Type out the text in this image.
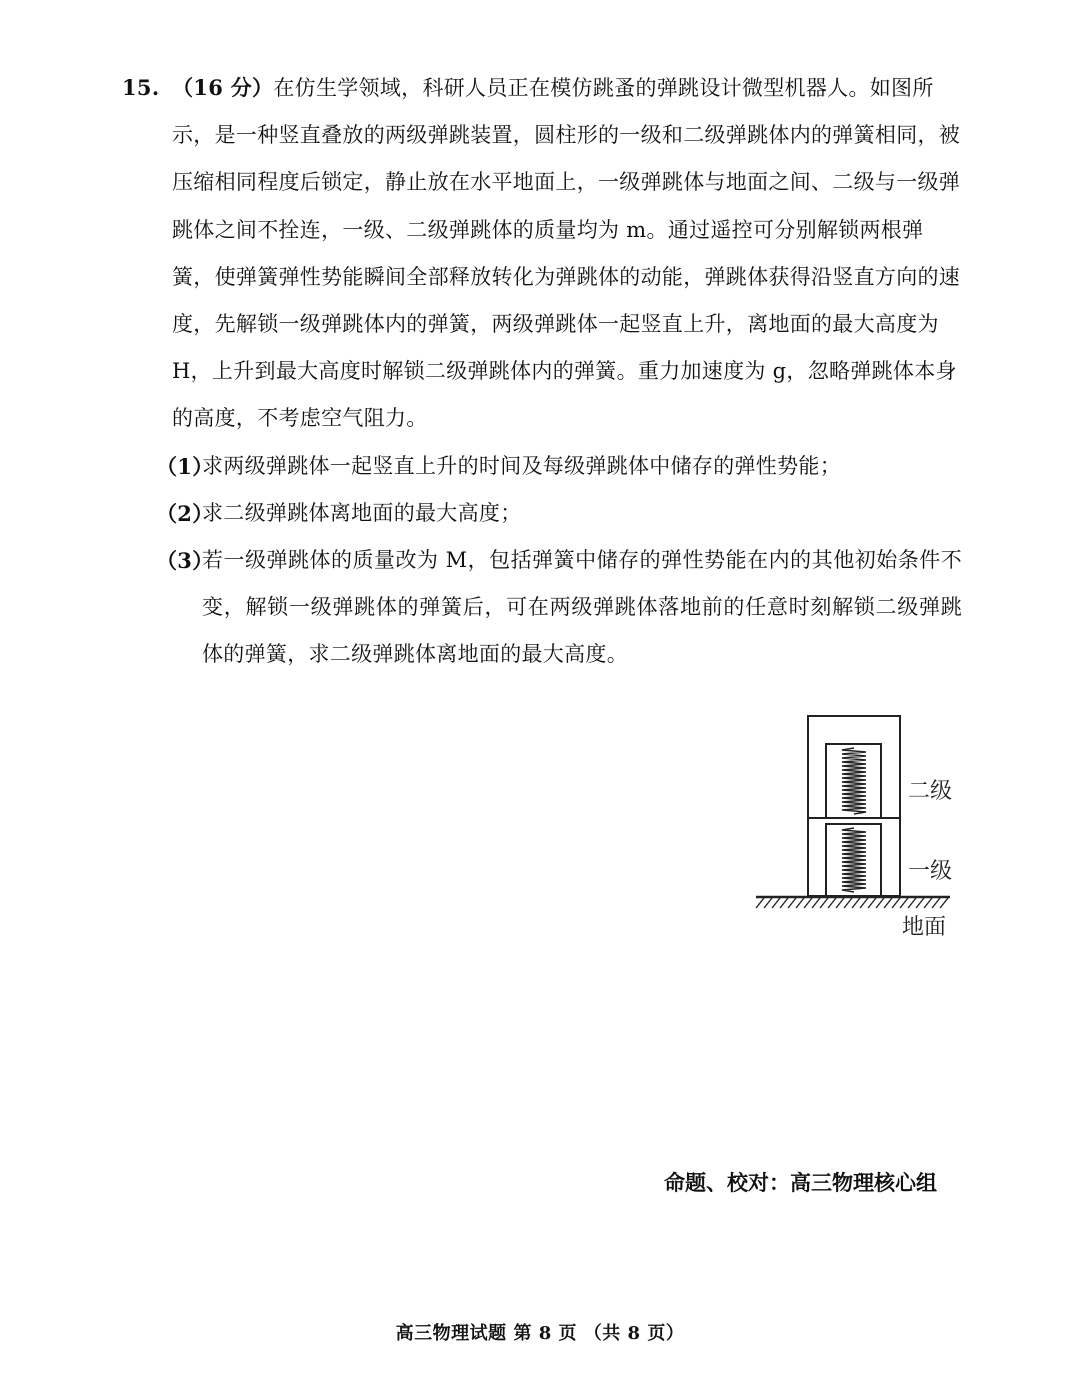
15. （16 分）在仿生学领域，科研人员正在模仿跳蚤的弹跳设计微型机器人。如图所示，是一种竖直叠放的两级弹跳装置，圆柱形的一级和二级弹跳体内的弹簧相同，被压缩相同程度后锁定，静止放在水平地面上，一级弹跳体与地面之间、二级与一级弹跳体之间不拴连，一级、二级弹跳体的质量均为 m。通过遥控可分别解锁两根弹簧，使弹簧弹性势能瞬间全部释放转化为弹跳体的动能，弹跳体获得沿竖直方向的速度，先解锁一级弹跳体内的弹簧，两级弹跳体一起竖直上升，离地面的最大高度为 H，上升到最大高度时解锁二级弹跳体内的弹簧。重力加速度为 g，忽略弹跳体本身的高度，不考虑空气阻力。
（1）
求两级弹跳体一起竖直上升的时间及每级弹跳体中储存的弹性势能；
（2）
求二级弹跳体离地面的最大高度；
（3）
若一级弹跳体的质量改为 M，包括弹簧中储存的弹性势能在内的其他初始条件不变，解锁一级弹跳体的弹簧后，可在两级弹跳体落地前的任意时刻解锁二级弹跳体的弹簧，求二级弹跳体离地面的最大高度。
二级
一级
地面
命题、校对：高三物理核心组
高三物理试题 第 8 页 （共 8 页）
